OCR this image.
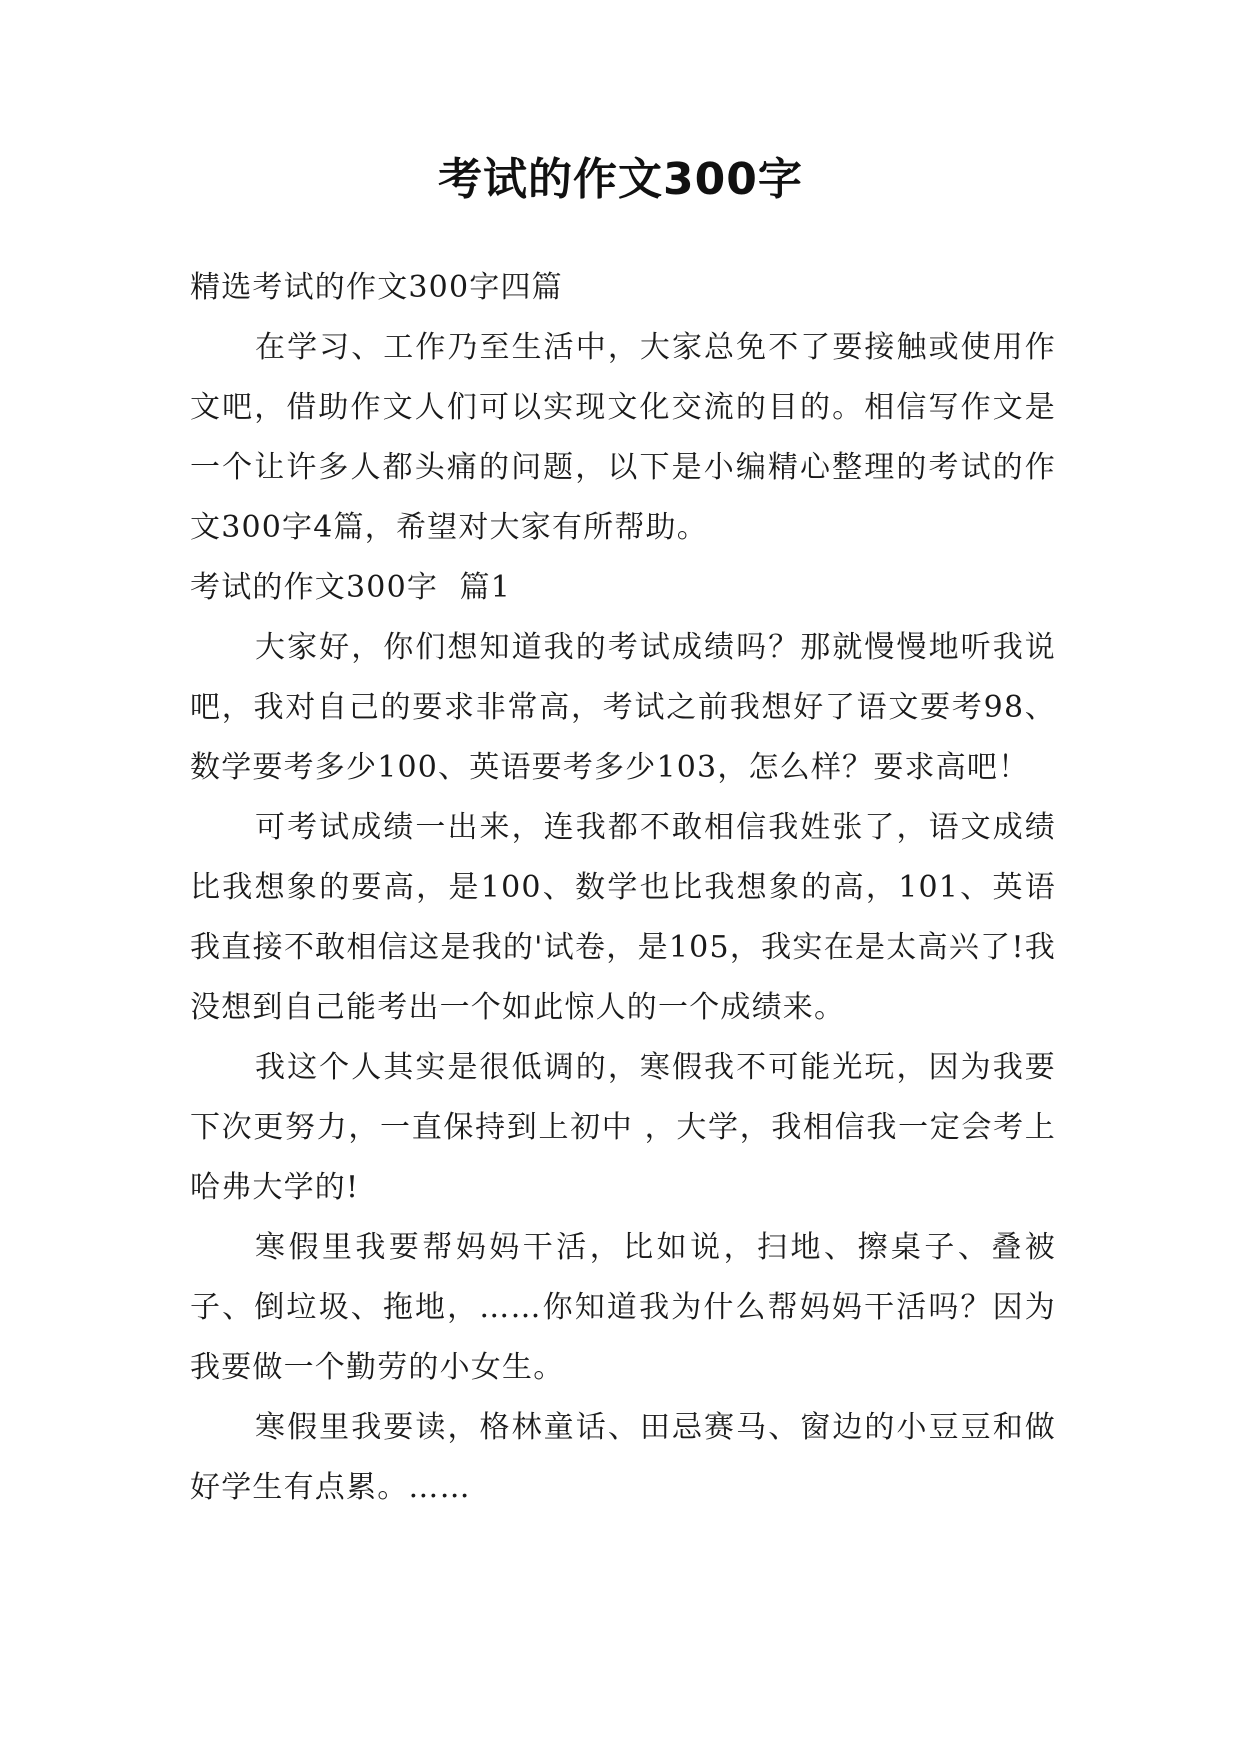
考试的作文300字

精选考试的作文300字四篇

在学习、工作乃至生活中，大家总免不了要接触或使用作文吧，借助作文人们可以实现文化交流的目的。相信写作文是一个让许多人都头痛的问题，以下是小编精心整理的考试的作文300字4篇，希望对大家有所帮助。

考试的作文300字  篇1

大家好，你们想知道我的考试成绩吗？那就慢慢地听我说吧，我对自己的要求非常高，考试之前我想好了语文要考98、数学要考多少100、英语要考多少103，怎么样？要求高吧！

可考试成绩一出来，连我都不敢相信我姓张了，语文成绩比我想象的要高，是100、数学也比我想象的高，101、英语我直接不敢相信这是我的'试卷，是105，我实在是太高兴了!我没想到自己能考出一个如此惊人的一个成绩来。

我这个人其实是很低调的，寒假我不可能光玩，因为我要下次更努力，一直保持到上初中 ，大学，我相信我一定会考上哈弗大学的!

寒假里我要帮妈妈干活，比如说，扫地、擦桌子、叠被子、倒垃圾、拖地，……你知道我为什么帮妈妈干活吗？因为我要做一个勤劳的小女生。

寒假里我要读，格林童话、田忌赛马、窗边的小豆豆和做好学生有点累。……
